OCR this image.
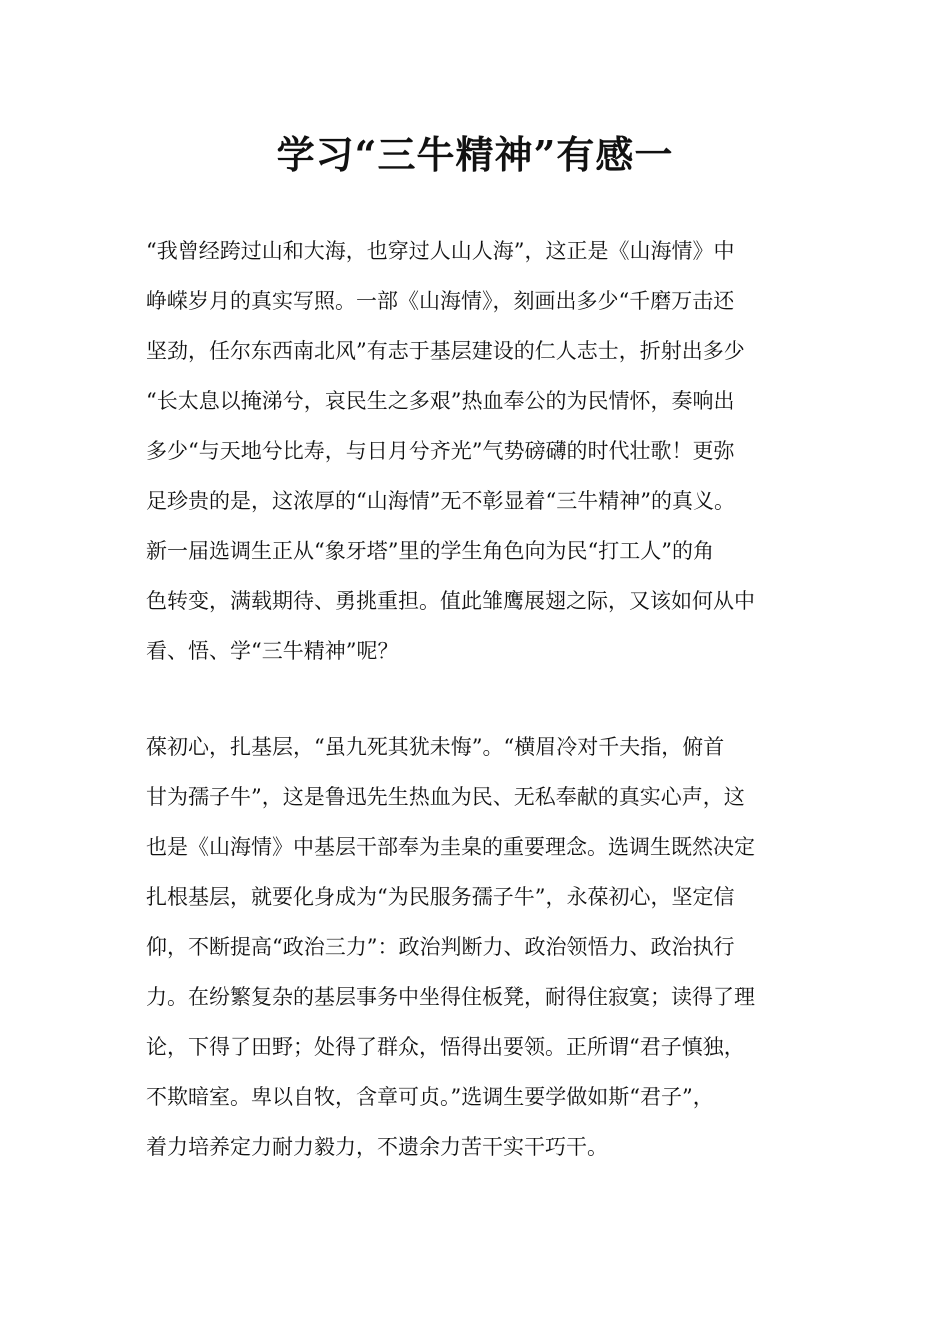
学习“三牛精神”有感一
“我曾经跨过山和大海，也穿过人山人海”，这正是《山海情》中
峥嵘岁月的真实写照。一部《山海情》，刻画出多少“千磨万击还
坚劲，任尔东西南北风”有志于基层建设的仁人志士，折射出多少
“长太息以掩涕兮，哀民生之多艰”热血奉公的为民情怀，奏响出
多少“与天地兮比寿，与日月兮齐光”气势磅礴的时代壮歌！更弥
足珍贵的是，这浓厚的“山海情”无不彰显着“三牛精神”的真义。
新一届选调生正从“象牙塔”里的学生角色向为民“打工人”的角
色转变，满载期待、勇挑重担。值此雏鹰展翅之际，又该如何从中
看、悟、学“三牛精神”呢？
葆初心，扎基层，“虽九死其犹未悔”。“横眉冷对千夫指，俯首
甘为孺子牛”，这是鲁迅先生热血为民、无私奉献的真实心声，这
也是《山海情》中基层干部奉为圭臬的重要理念。选调生既然决定
扎根基层，就要化身成为“为民服务孺子牛”，永葆初心，坚定信
仰，不断提高“政治三力”：政治判断力、政治领悟力、政治执行
力。在纷繁复杂的基层事务中坐得住板凳，耐得住寂寞；读得了理
论，下得了田野；处得了群众，悟得出要领。正所谓“君子慎独，
不欺暗室。卑以自牧，含章可贞。”选调生要学做如斯“君子”，
着力培养定力耐力毅力，不遗余力苦干实干巧干。
